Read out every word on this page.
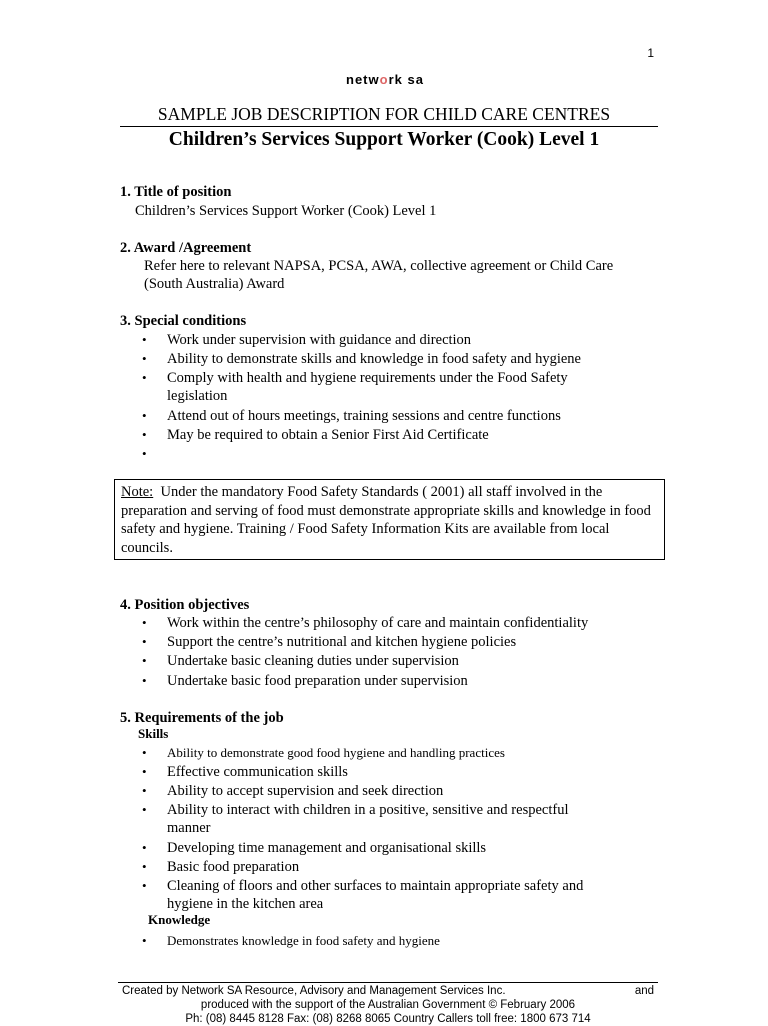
1
network sa
SAMPLE JOB DESCRIPTION FOR CHILD CARE CENTRES
Children’s Services Support Worker (Cook) Level 1
1. Title of position
Children’s Services Support Worker (Cook) Level 1
2. Award /Agreement
Refer here to relevant NAPSA, PCSA, AWA, collective agreement or Child Care
(South Australia) Award
3. Special conditions
• Work under supervision with guidance and direction
• Ability to demonstrate skills and knowledge in food safety and hygiene
• Comply with health and hygiene requirements under the Food Safety legislation
• Attend out of hours meetings, training sessions and centre functions
• May be required to obtain a Senior First Aid Certificate
•
Note:  Under the mandatory Food Safety Standards ( 2001) all staff involved in the preparation and serving of food must demonstrate appropriate skills and knowledge in food safety and hygiene. Training / Food Safety Information Kits are available from local councils.
4. Position objectives
• Work within the centre’s philosophy of care and maintain confidentiality
• Support the centre’s nutritional and kitchen hygiene policies
• Undertake basic cleaning duties under supervision
• Undertake basic food preparation under supervision
5. Requirements of the job
Skills
• Ability to demonstrate good food hygiene and handling practices
• Effective communication skills
• Ability to accept supervision and seek direction
• Ability to interact with children in a positive, sensitive and respectful manner
• Developing time management and organisational skills
• Basic food preparation
• Cleaning of floors and other surfaces to maintain appropriate safety and hygiene in the kitchen area
Knowledge
• Demonstrates knowledge in food safety and hygiene
Created by Network SA Resource, Advisory and Management Services Inc.	and
produced with the support of the Australian Government © February 2006
Ph: (08) 8445 8128 Fax: (08) 8268 8065 Country Callers toll free: 1800 673 714
